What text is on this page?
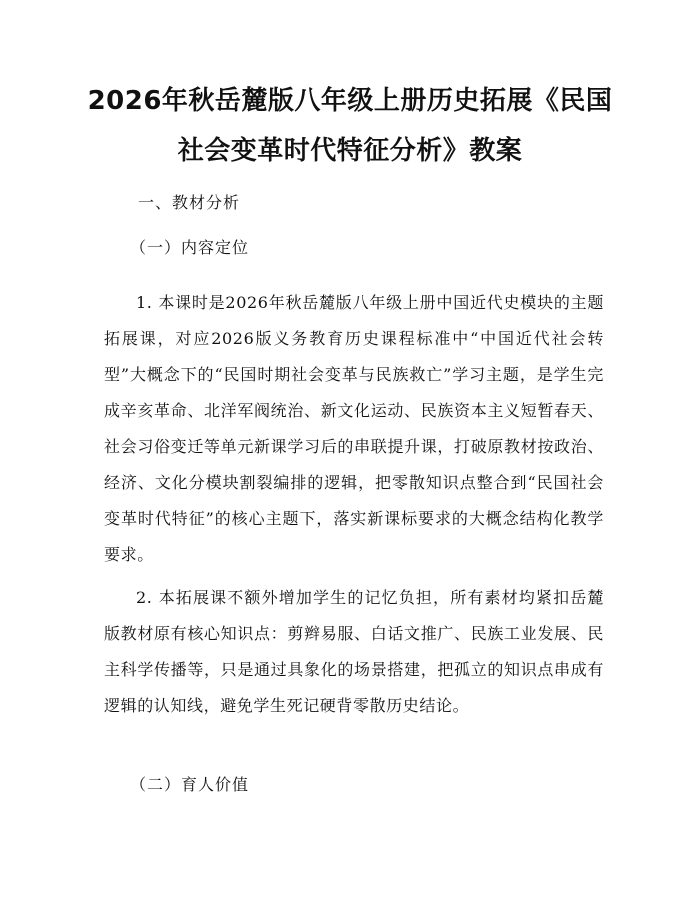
2026年秋岳麓版八年级上册历史拓展《民国
社会变革时代特征分析》教案
一、教材分析
（一）内容定位

1. 本课时是2026年秋岳麓版八年级上册中国近代史模块的主题拓展课，对应2026版义务教育历史课程标准中“中国近代社会转型”大概念下的“民国时期社会变革与民族救亡”学习主题，是学生完成辛亥革命、北洋军阀统治、新文化运动、民族资本主义短暂春天、社会习俗变迁等单元新课学习后的串联提升课，打破原教材按政治、经济、文化分模块割裂编排的逻辑，把零散知识点整合到“民国社会变革时代特征”的核心主题下，落实新课标要求的大概念结构化教学要求。

2. 本拓展课不额外增加学生的记忆负担，所有素材均紧扣岳麓版教材原有核心知识点：剪辫易服、白话文推广、民族工业发展、民主科学传播等，只是通过具象化的场景搭建，把孤立的知识点串成有逻辑的认知线，避免学生死记硬背零散历史结论。

（二）育人价值
